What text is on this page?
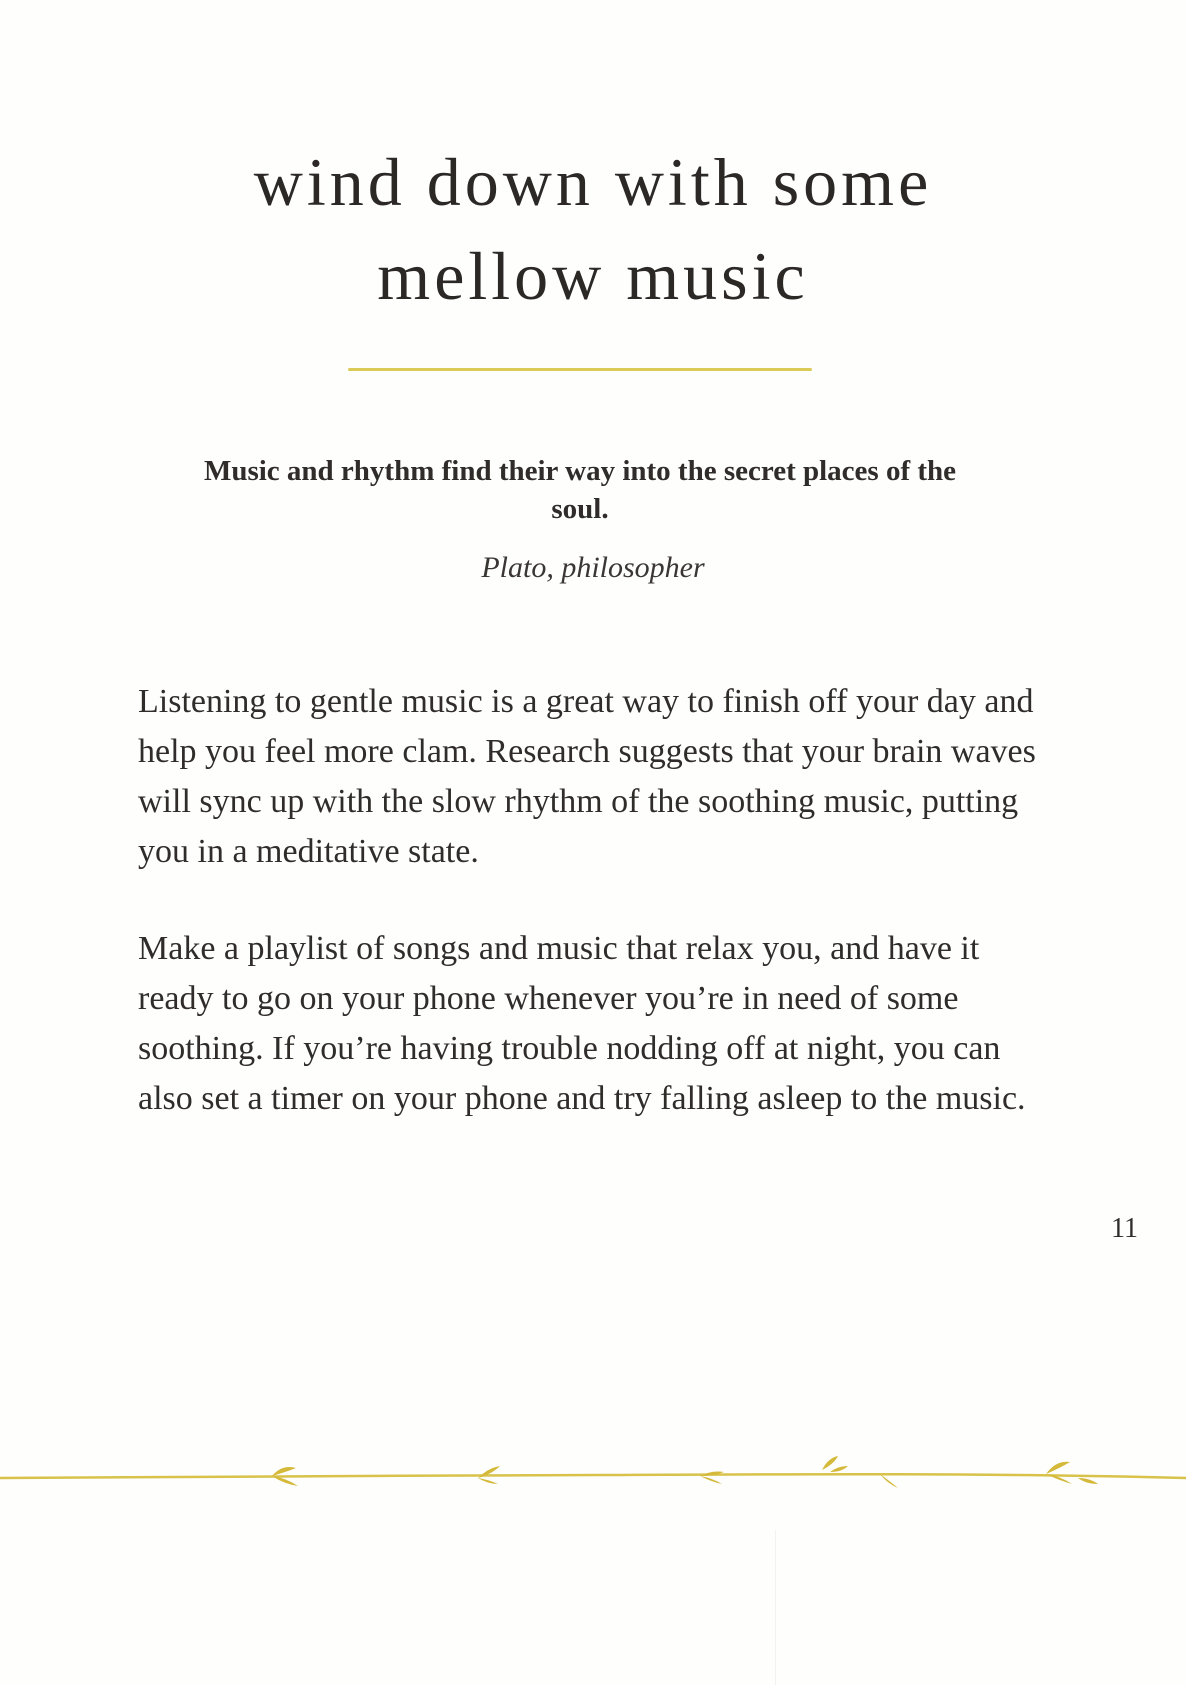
wind down with some
mellow music

Music and rhythm find their way into the secret places of the soul.

Plato, philosopher

Listening to gentle music is a great way to finish off your day and help you feel more clam. Research suggests that your brain waves will sync up with the slow rhythm of the soothing music, putting you in a meditative state.

Make a playlist of songs and music that relax you, and have it ready to go on your phone whenever you’re in need of some soothing. If you’re having trouble nodding off at night, you can also set a timer on your phone and try falling asleep to the music.

11
